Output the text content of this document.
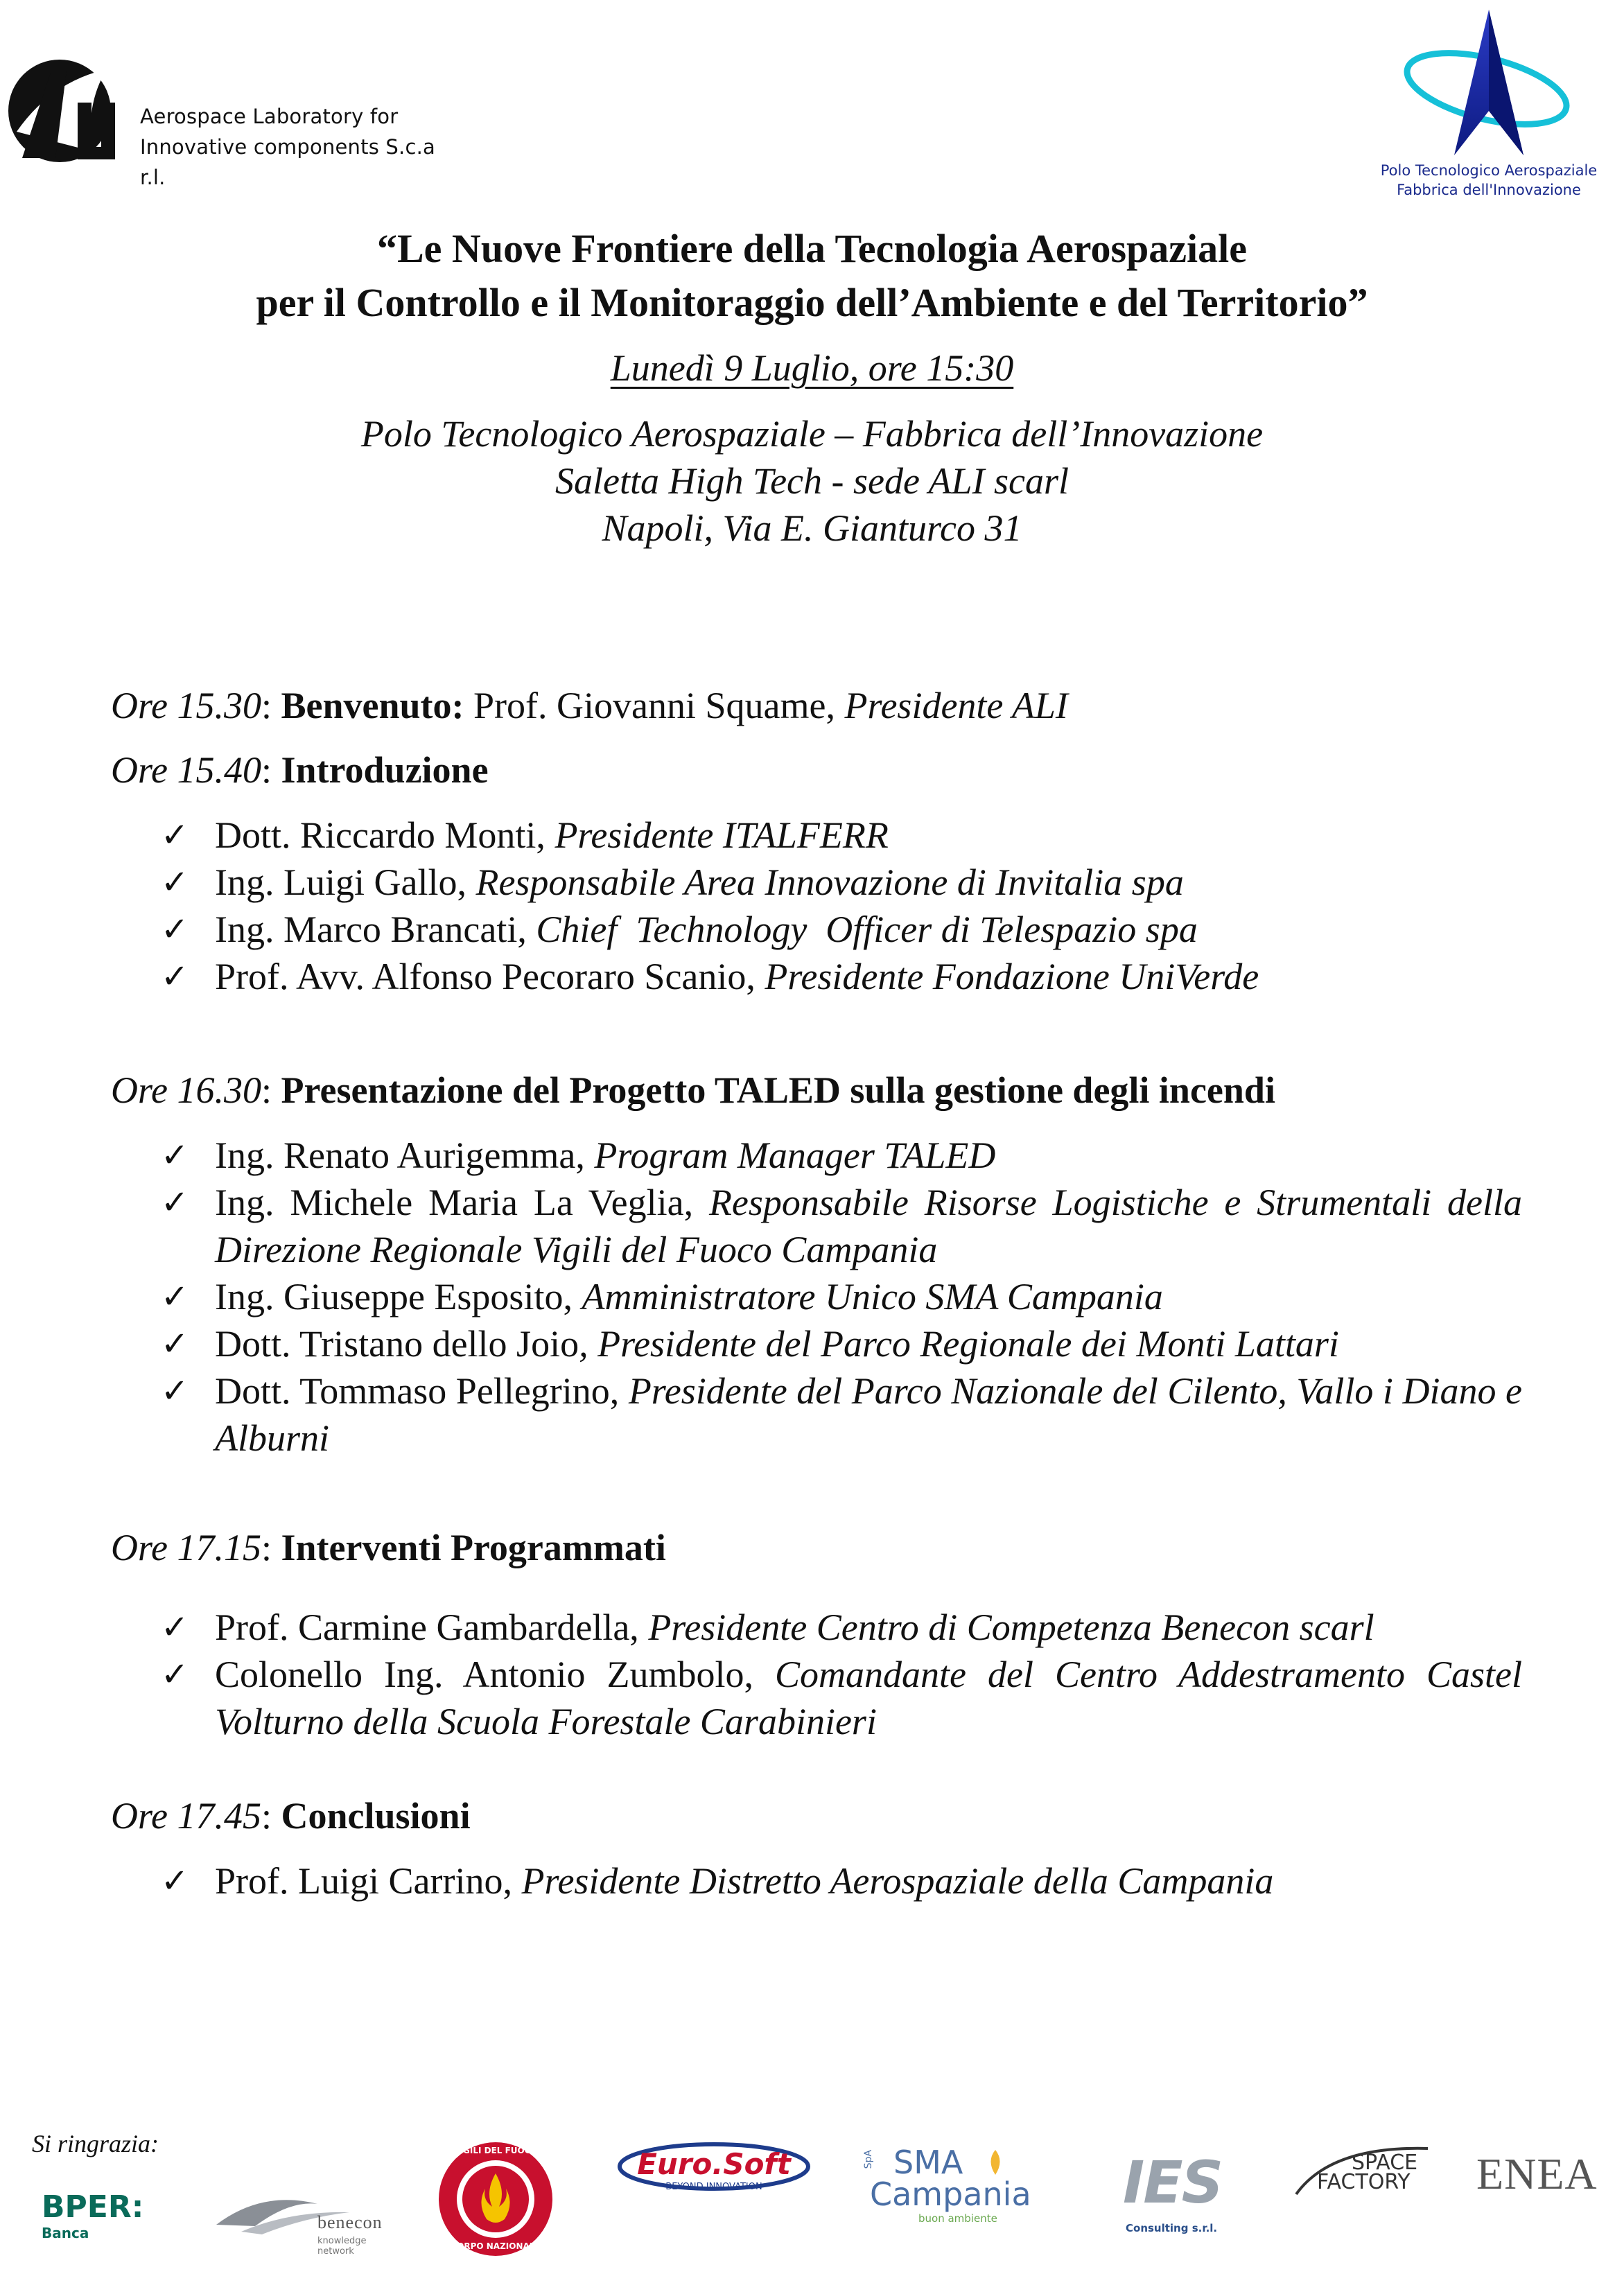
Aerospace Laboratory for
Innovative components S.c.a r.l.	Polo Tecnologico Aerospaziale
Fabbrica dell'Innovazione
“Le Nuove Frontiere della Tecnologia Aerospaziale
per il Controllo e il Monitoraggio dell’Ambiente e del Territorio”
Lunedì 9 Luglio, ore 15:30
Polo Tecnologico Aerospaziale – Fabbrica dell’Innovazione
Saletta High Tech - sede ALI scarl
Napoli, Via E. Gianturco 31
Ore 15.30: Benvenuto: Prof. Giovanni Squame, Presidente ALI
Ore 15.40: Introduzione
✓ Dott. Riccardo Monti, Presidente ITALFERR
✓ Ing. Luigi Gallo, Responsabile Area Innovazione di Invitalia spa
✓ Ing. Marco Brancati, Chief  Technology  Officer di Telespazio spa
✓ Prof. Avv. Alfonso Pecoraro Scanio, Presidente Fondazione UniVerde
Ore 16.30: Presentazione del Progetto TALED sulla gestione degli incendi
✓ Ing. Renato Aurigemma, Program Manager TALED
✓ Ing. Michele Maria La Veglia, Responsabile Risorse Logistiche e Strumentali della Direzione Regionale Vigili del Fuoco Campania
✓ Ing. Giuseppe Esposito, Amministratore Unico SMA Campania
✓ Dott. Tristano dello Joio, Presidente del Parco Regionale dei Monti Lattari
✓ Dott. Tommaso Pellegrino, Presidente del Parco Nazionale del Cilento, Vallo i Diano e Alburni
Ore 17.15: Interventi Programmati
✓ Prof. Carmine Gambardella, Presidente Centro di Competenza Benecon scarl
✓ Colonello Ing. Antonio Zumbolo, Comandante del Centro Addestramento Castel Volturno della Scuola Forestale Carabinieri
Ore 17.45: Conclusioni
✓ Prof. Luigi Carrino, Presidente Distretto Aerospaziale della Campania
Si ringrazia:
BPER:
Banca
benecon
knowledge network
VIGILI DEL FUOCO
CORPO NAZIONALE
Euro.Soft
BEYOND INNOVATION
SpA SMA
Campania
buon ambiente
IES
Consulting s.r.l.
SPACE
FACTORY ENEA
